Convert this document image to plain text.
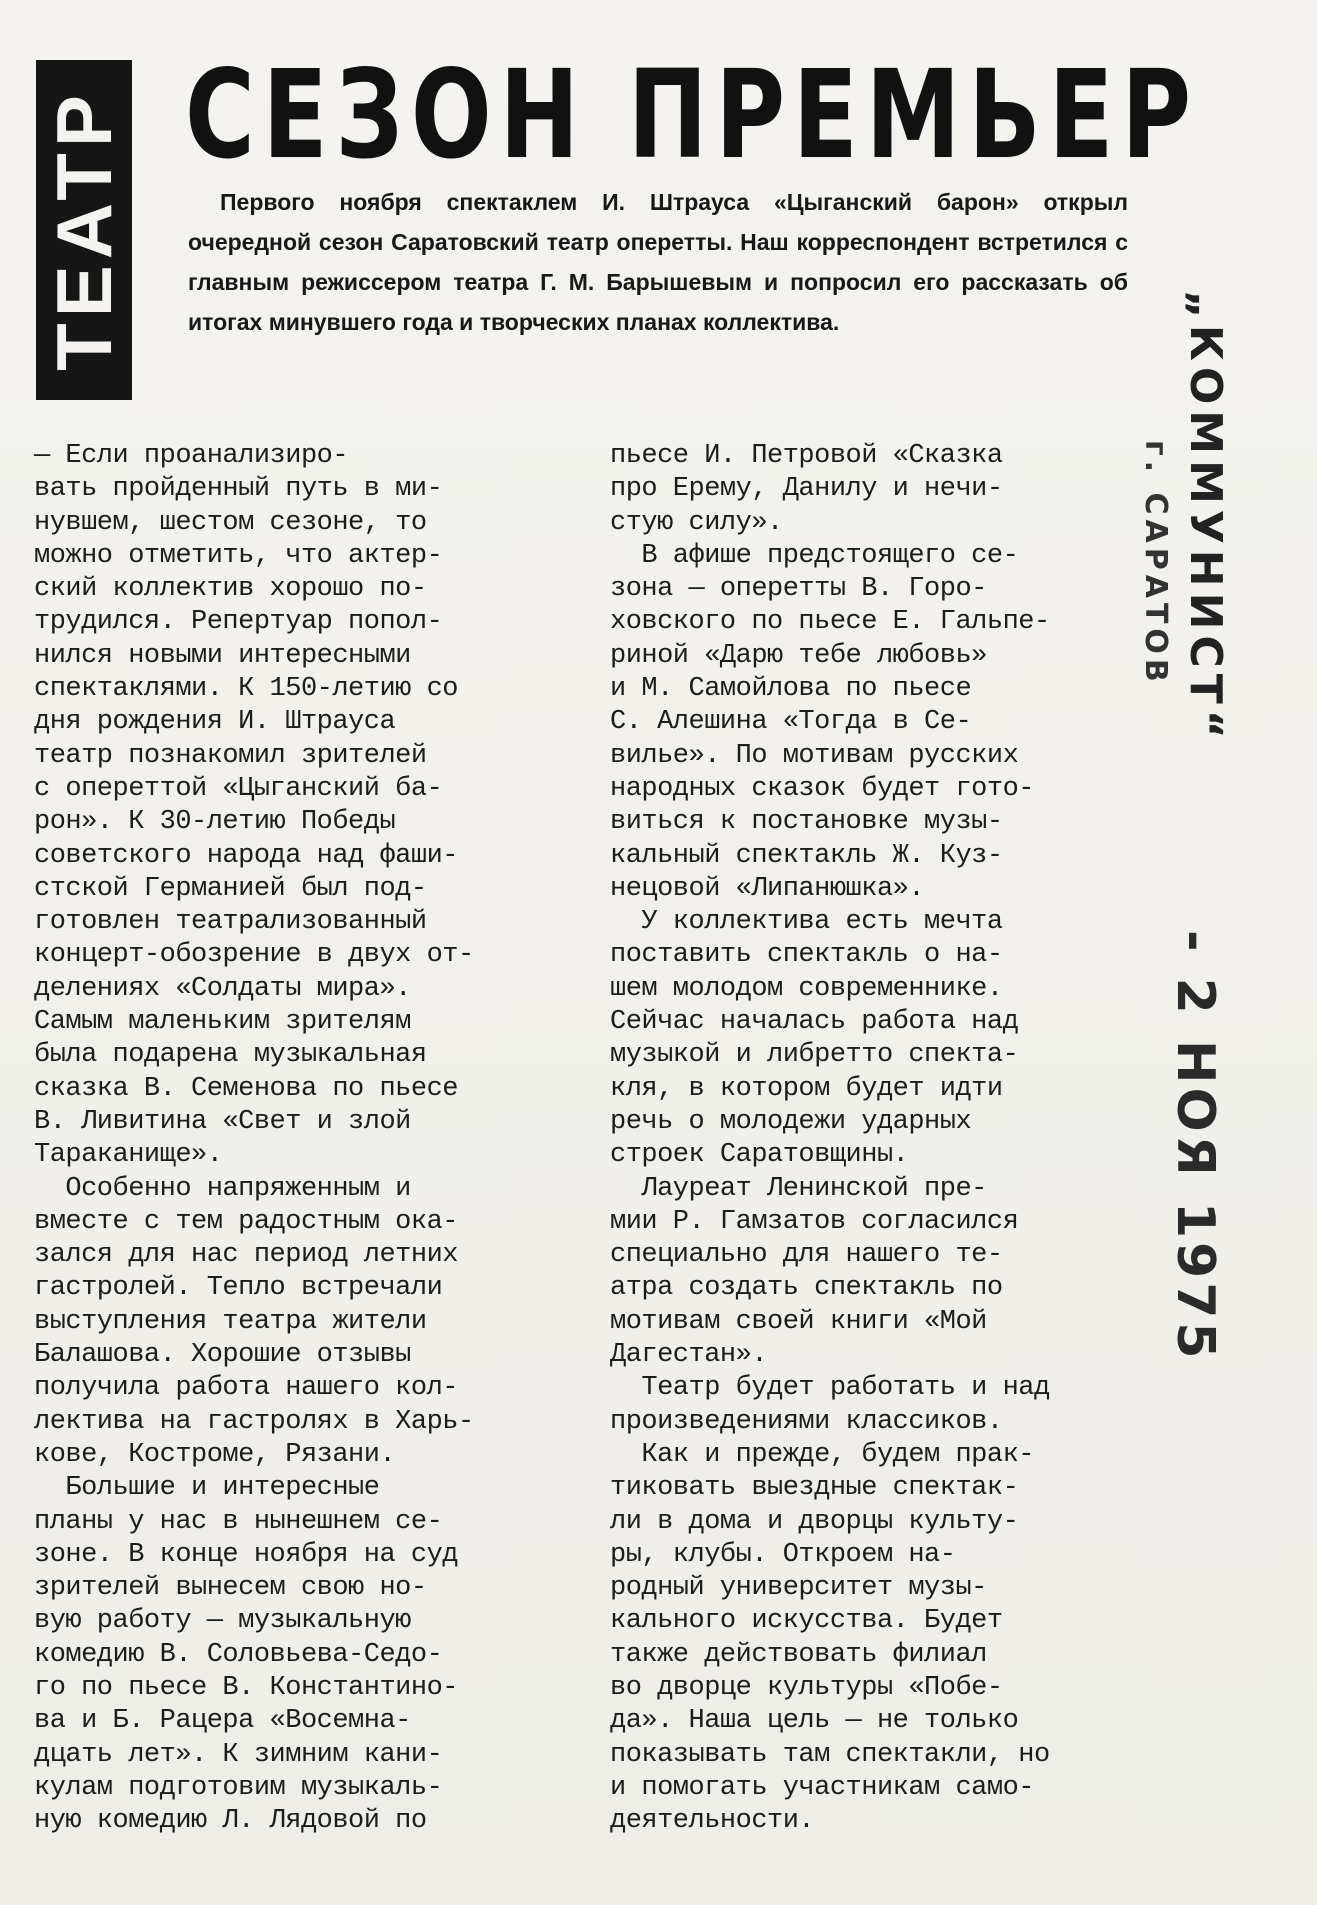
ТЕАТР СЕЗОН ПРЕМЬЕР
Первого ноября спектаклем И. Штрауса «Цыганский барон» открыл очередной сезон Саратовский театр оперетты. Наш корреспондент встретился с главным режиссером театра Г. М. Барышевым и попросил его рассказать об итогах минувшего года и творческих планах коллектива.
— Если проанализиро-
вать пройденный путь в ми-
нувшем, шестом сезоне, то
можно отметить, что актер-
ский коллектив хорошо по-
трудился. Репертуар попол-
нился новыми интересными
спектаклями. К 150-летию со
дня рождения И. Штрауса
театр познакомил зрителей
с опереттой «Цыганский ба-
рон». К 30-летию Победы
советского народа над фаши-
стской Германией был под-
готовлен театрализованный
концерт-обозрение в двух от-
делениях «Солдаты мира».
Самым маленьким зрителям
была подарена музыкальная
сказка В. Семенова по пьесе
В. Ливитина «Свет и злой
Тараканище».
Особенно напряженным и
вместе с тем радостным ока-
зался для нас период летних
гастролей. Тепло встречали
выступления театра жители
Балашова. Хорошие отзывы
получила работа нашего кол-
лектива на гастролях в Харь-
кове, Костроме, Рязани.
Большие и интересные
планы у нас в нынешнем се-
зоне. В конце ноября на суд
зрителей вынесем свою но-
вую работу — музыкальную
комедию В. Соловьева-Седо-
го по пьесе В. Константино-
ва и Б. Рацера «Восемна-
дцать лет». К зимним кани-
кулам подготовим музыкаль-
ную комедию Л. Лядовой по
пьесе И. Петровой «Сказка
про Ерему, Данилу и нечи-
стую силу».
В афише предстоящего се-
зона — оперетты В. Горо-
ховского по пьесе Е. Гальпе-
риной «Дарю тебе любовь»
и М. Самойлова по пьесе
С. Алешина «Тогда в Се-
вилье». По мотивам русских
народных сказок будет гото-
виться к постановке музы-
кальный спектакль Ж. Куз-
нецовой «Липанюшка».
У коллектива есть мечта
поставить спектакль о на-
шем молодом современнике.
Сейчас началась работа над
музыкой и либретто спекта-
кля, в котором будет идти
речь о молодежи ударных
строек Саратовщины.
Лауреат Ленинской пре-
мии Р. Гамзатов согласился
специально для нашего те-
атра создать спектакль по
мотивам своей книги «Мой
Дагестан».
Театр будет работать и над
произведениями классиков.
Как и прежде, будем прак-
тиковать выездные спектак-
ли в дома и дворцы культу-
ры, клубы. Откроем на-
родный университет музы-
кального искусства. Будет
также действовать филиал
во дворце культуры «Побе-
да». Наша цель — не только
показывать там спектакли, но
и помогать участникам само-
деятельности.
„КОММУНИСТ“
г. САРАТОВ
- 2 НОЯ 1975
